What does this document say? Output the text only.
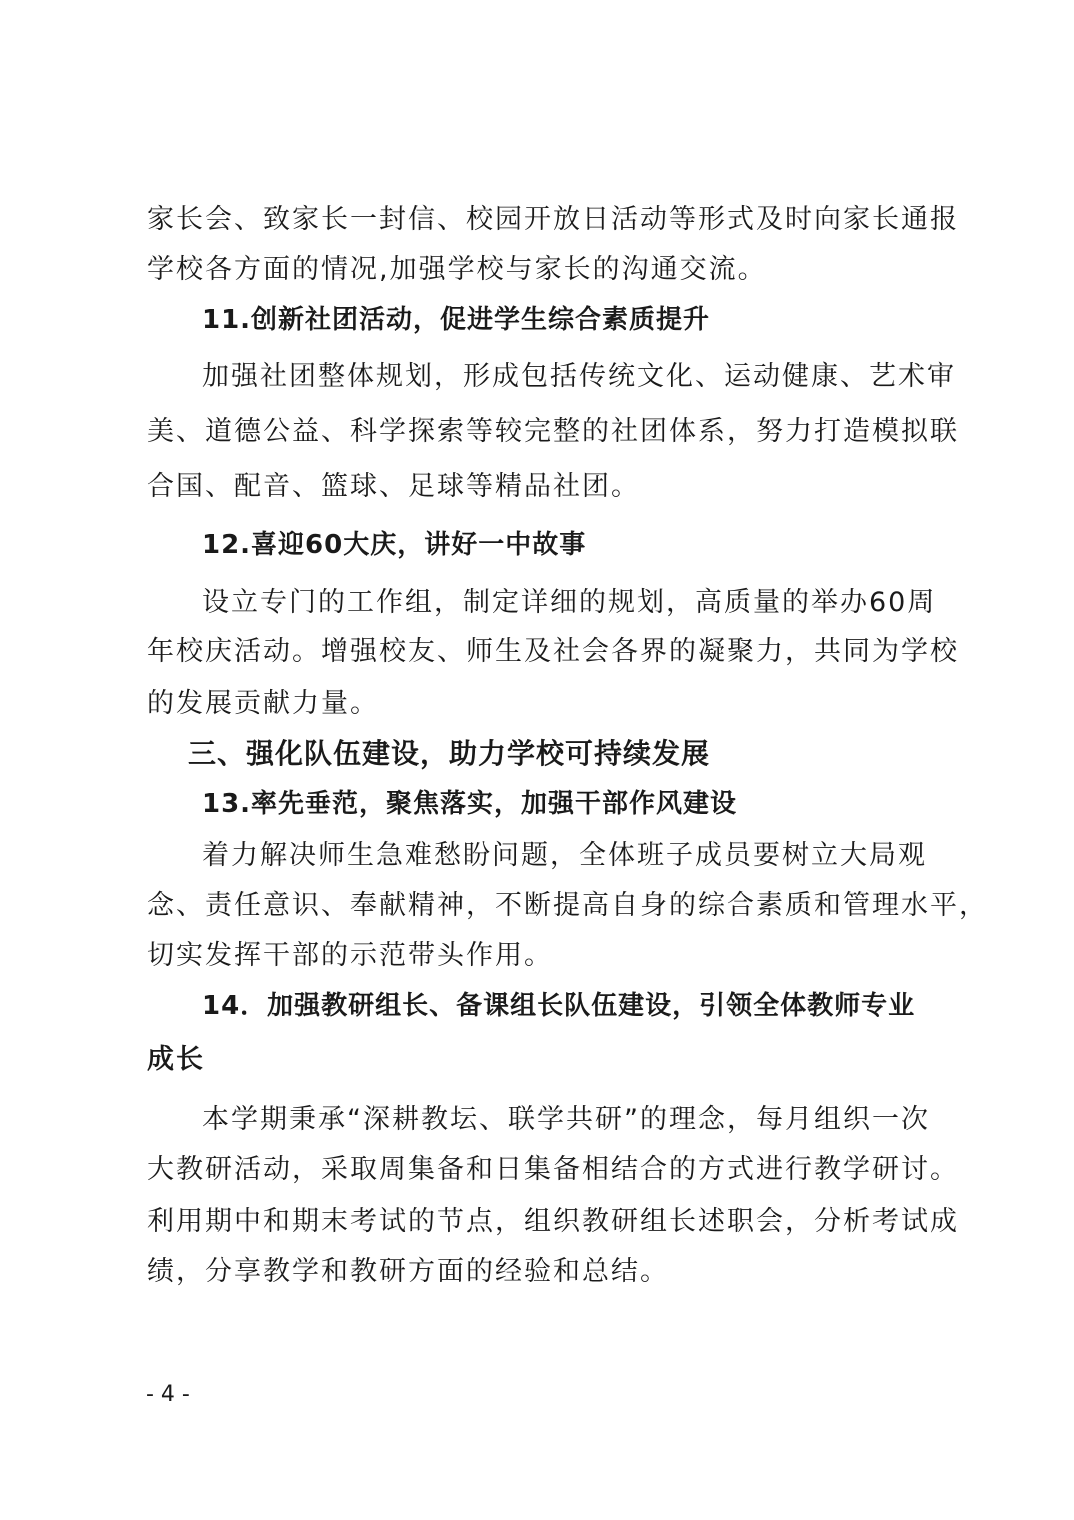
家长会、致家长一封信、校园开放日活动等形式及时向家长通报
学校各方面的情况,加强学校与家长的沟通交流。
11.创新社团活动，促进学生综合素质提升
加强社团整体规划，形成包括传统文化、运动健康、艺术审
美、道德公益、科学探索等较完整的社团体系，努力打造模拟联
合国、配音、篮球、足球等精品社团。
12.喜迎60大庆，讲好一中故事
设立专门的工作组，制定详细的规划，高质量的举办60周
年校庆活动。增强校友、师生及社会各界的凝聚力，共同为学校
的发展贡献力量。
三、强化队伍建设，助力学校可持续发展
13.率先垂范，聚焦落实，加强干部作风建设
着力解决师生急难愁盼问题，全体班子成员要树立大局观
念、责任意识、奉献精神，不断提高自身的综合素质和管理水平，
切实发挥干部的示范带头作用。
14．加强教研组长、备课组长队伍建设，引领全体教师专业
成长
本学期秉承“深耕教坛、联学共研”的理念，每月组织一次
大教研活动，采取周集备和日集备相结合的方式进行教学研讨。
利用期中和期末考试的节点，组织教研组长述职会，分析考试成
绩，分享教学和教研方面的经验和总结。
- 4 -
